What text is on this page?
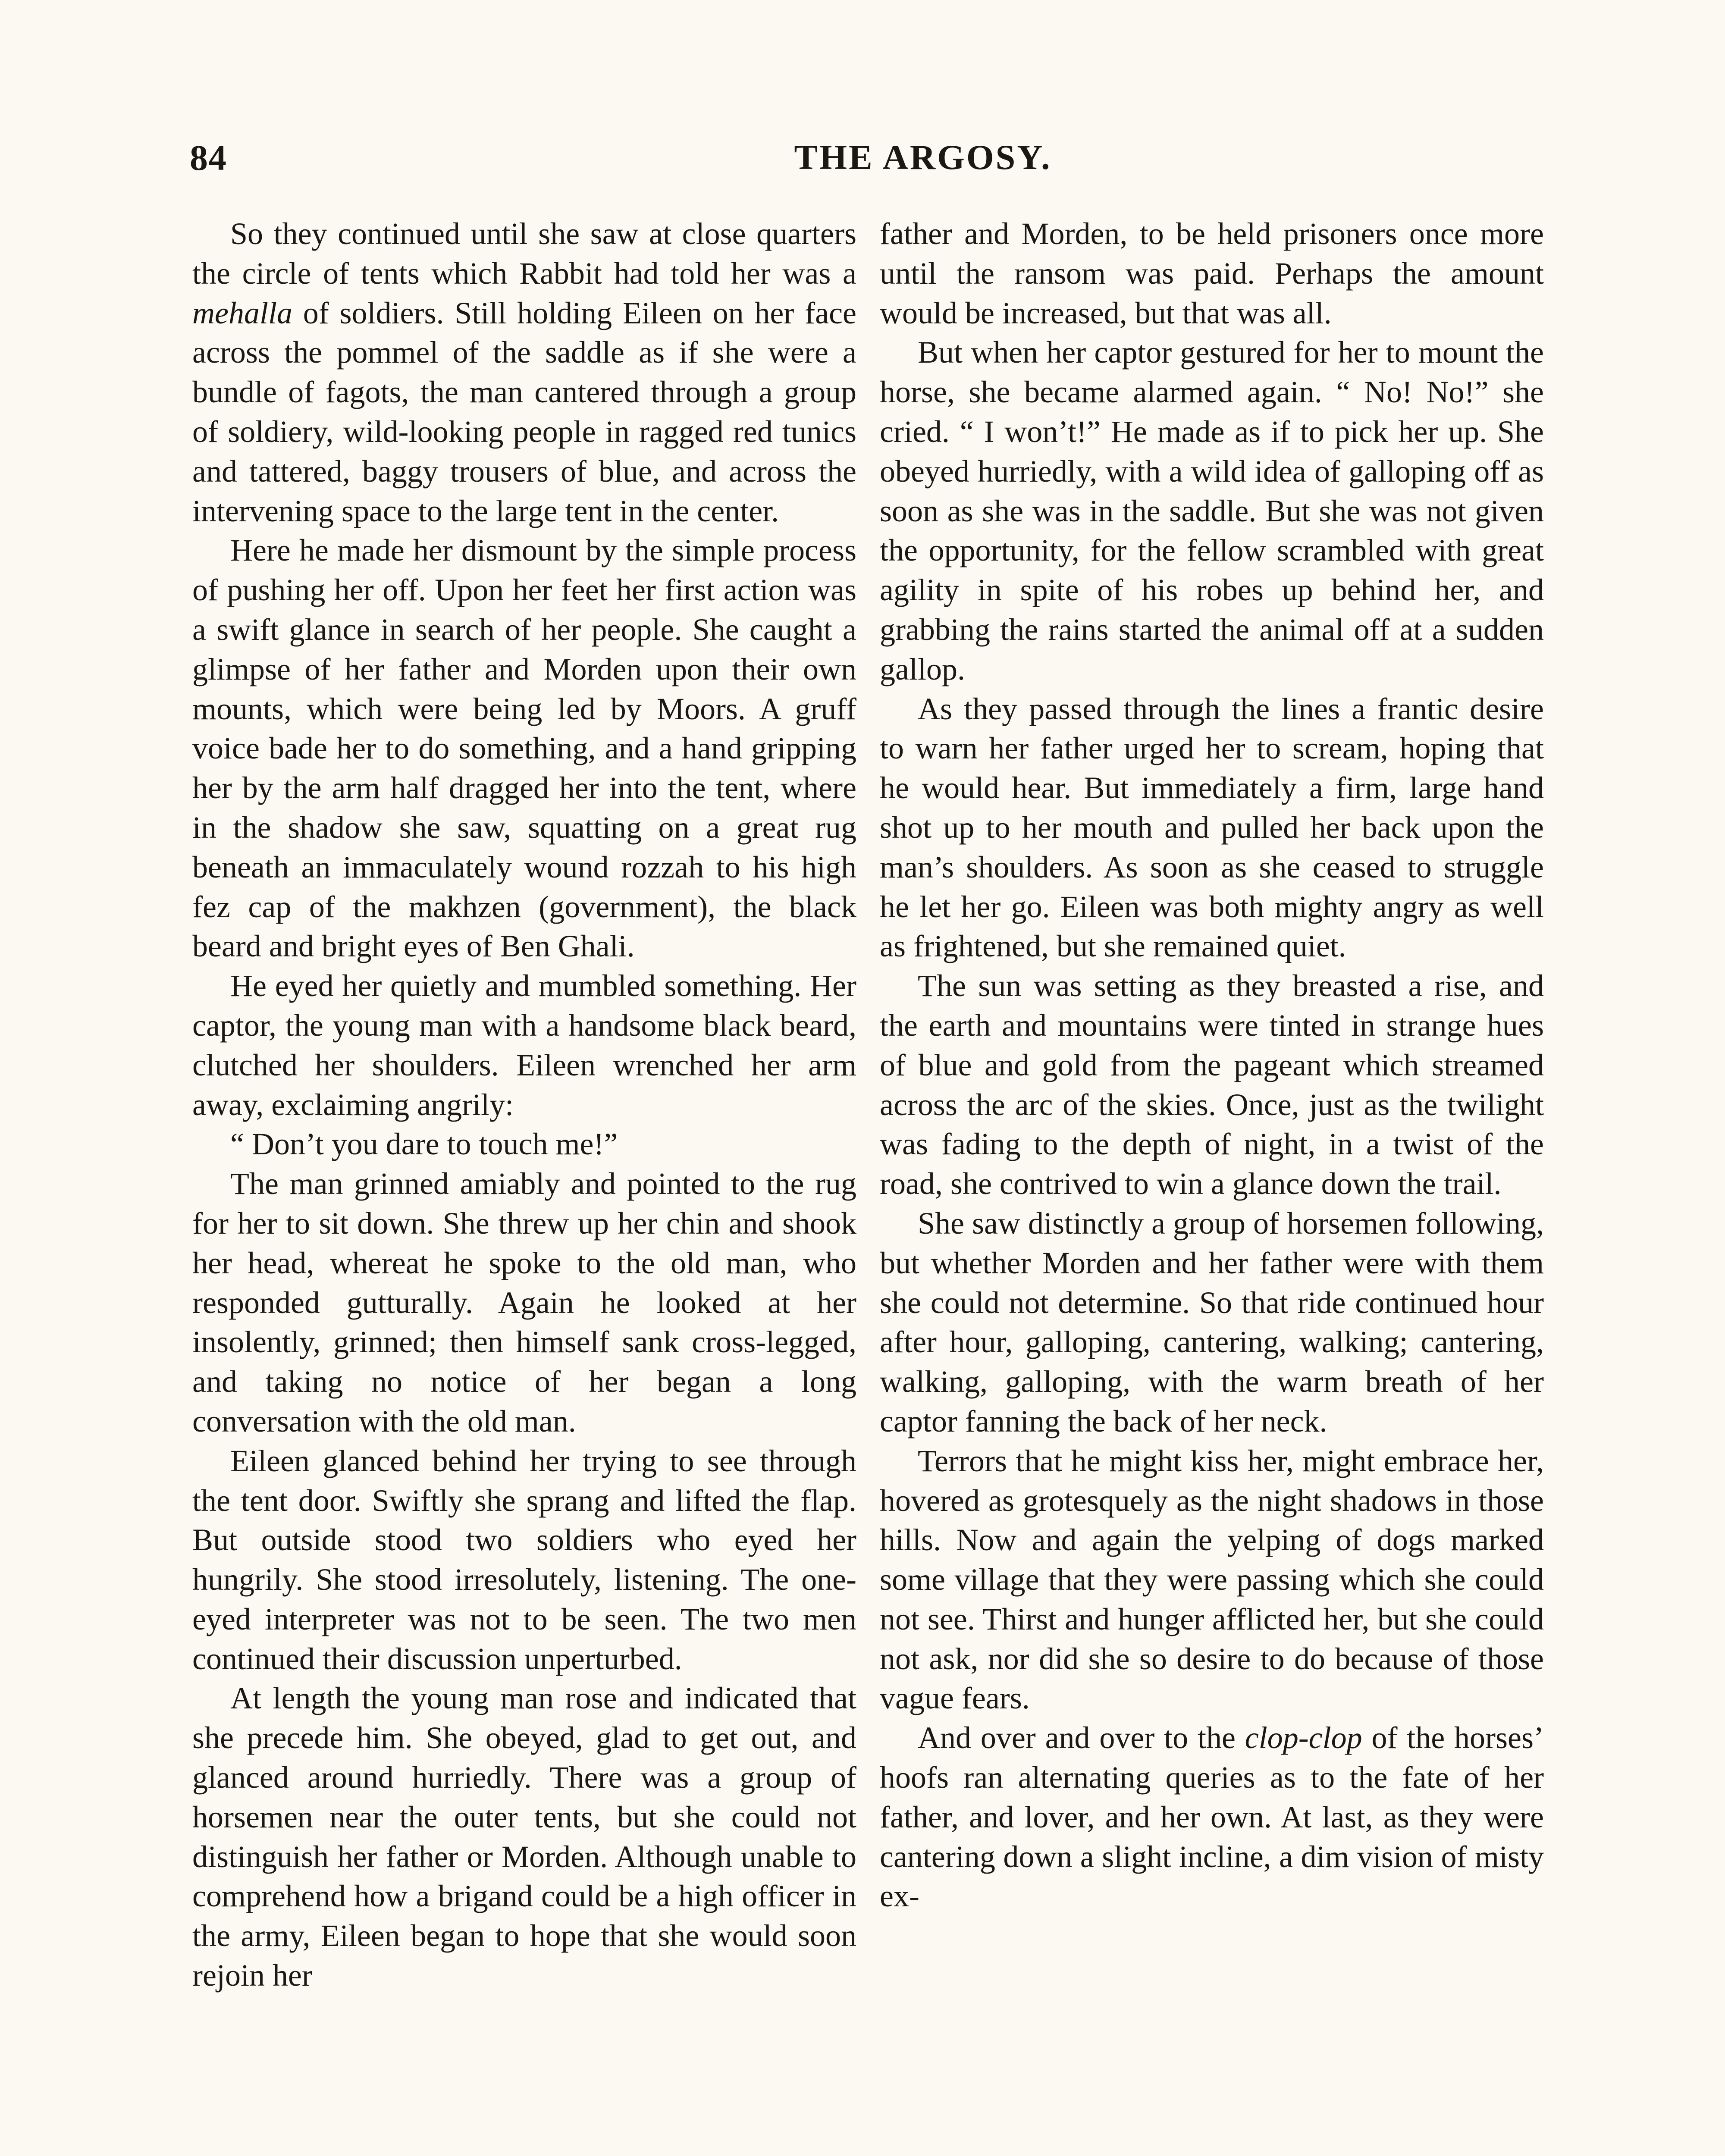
84	THE ARGOSY.

So they continued until she saw at close quarters the circle of tents which Rabbit had told her was a mehalla of soldiers. Still holding Eileen on her face across the pommel of the saddle as if she were a bundle of fagots, the man cantered through a group of soldiery, wild-looking people in ragged red tunics and tattered, baggy trousers of blue, and across the intervening space to the large tent in the center.

Here he made her dismount by the simple process of pushing her off. Upon her feet her first action was a swift glance in search of her people. She caught a glimpse of her father and Morden upon their own mounts, which were being led by Moors. A gruff voice bade her to do something, and a hand gripping her by the arm half dragged her into the tent, where in the shadow she saw, squatting on a great rug beneath an immaculately wound rozzah to his high fez cap of the makhzen (government), the black beard and bright eyes of Ben Ghali.

He eyed her quietly and mumbled something. Her captor, the young man with a handsome black beard, clutched her shoulders. Eileen wrenched her arm away, exclaiming angrily:

“ Don’t you dare to touch me!”

The man grinned amiably and pointed to the rug for her to sit down. She threw up her chin and shook her head, whereat he spoke to the old man, who responded gutturally. Again he looked at her insolently, grinned; then himself sank cross-legged, and taking no notice of her began a long conversation with the old man.

Eileen glanced behind her trying to see through the tent door. Swiftly she sprang and lifted the flap. But outside stood two soldiers who eyed her hungrily. She stood irresolutely, listening. The one-eyed interpreter was not to be seen. The two men continued their discussion unperturbed.

At length the young man rose and indicated that she precede him. She obeyed, glad to get out, and glanced around hurriedly. There was a group of horsemen near the outer tents, but she could not distinguish her father or Morden. Although unable to comprehend how a brigand could be a high officer in the army, Eileen began to hope that she would soon rejoin her

father and Morden, to be held prisoners once more until the ransom was paid. Perhaps the amount would be increased, but that was all.

But when her captor gestured for her to mount the horse, she became alarmed again. “ No! No!” she cried. “ I won’t!” He made as if to pick her up. She obeyed hurriedly, with a wild idea of galloping off as soon as she was in the saddle. But she was not given the opportunity, for the fellow scrambled with great agility in spite of his robes up behind her, and grabbing the rains started the animal off at a sudden gallop.

As they passed through the lines a frantic desire to warn her father urged her to scream, hoping that he would hear. But immediately a firm, large hand shot up to her mouth and pulled her back upon the man’s shoulders. As soon as she ceased to struggle he let her go. Eileen was both mighty angry as well as frightened, but she remained quiet.

The sun was setting as they breasted a rise, and the earth and mountains were tinted in strange hues of blue and gold from the pageant which streamed across the arc of the skies. Once, just as the twilight was fading to the depth of night, in a twist of the road, she contrived to win a glance down the trail.

She saw distinctly a group of horsemen following, but whether Morden and her father were with them she could not determine. So that ride continued hour after hour, galloping, cantering, walking; cantering, walking, galloping, with the warm breath of her captor fanning the back of her neck.

Terrors that he might kiss her, might embrace her, hovered as grotesquely as the night shadows in those hills. Now and again the yelping of dogs marked some village that they were passing which she could not see. Thirst and hunger afflicted her, but she could not ask, nor did she so desire to do because of those vague fears.

And over and over to the clop-clop of the horses’ hoofs ran alternating queries as to the fate of her father, and lover, and her own. At last, as they were cantering down a slight incline, a dim vision of misty ex-
